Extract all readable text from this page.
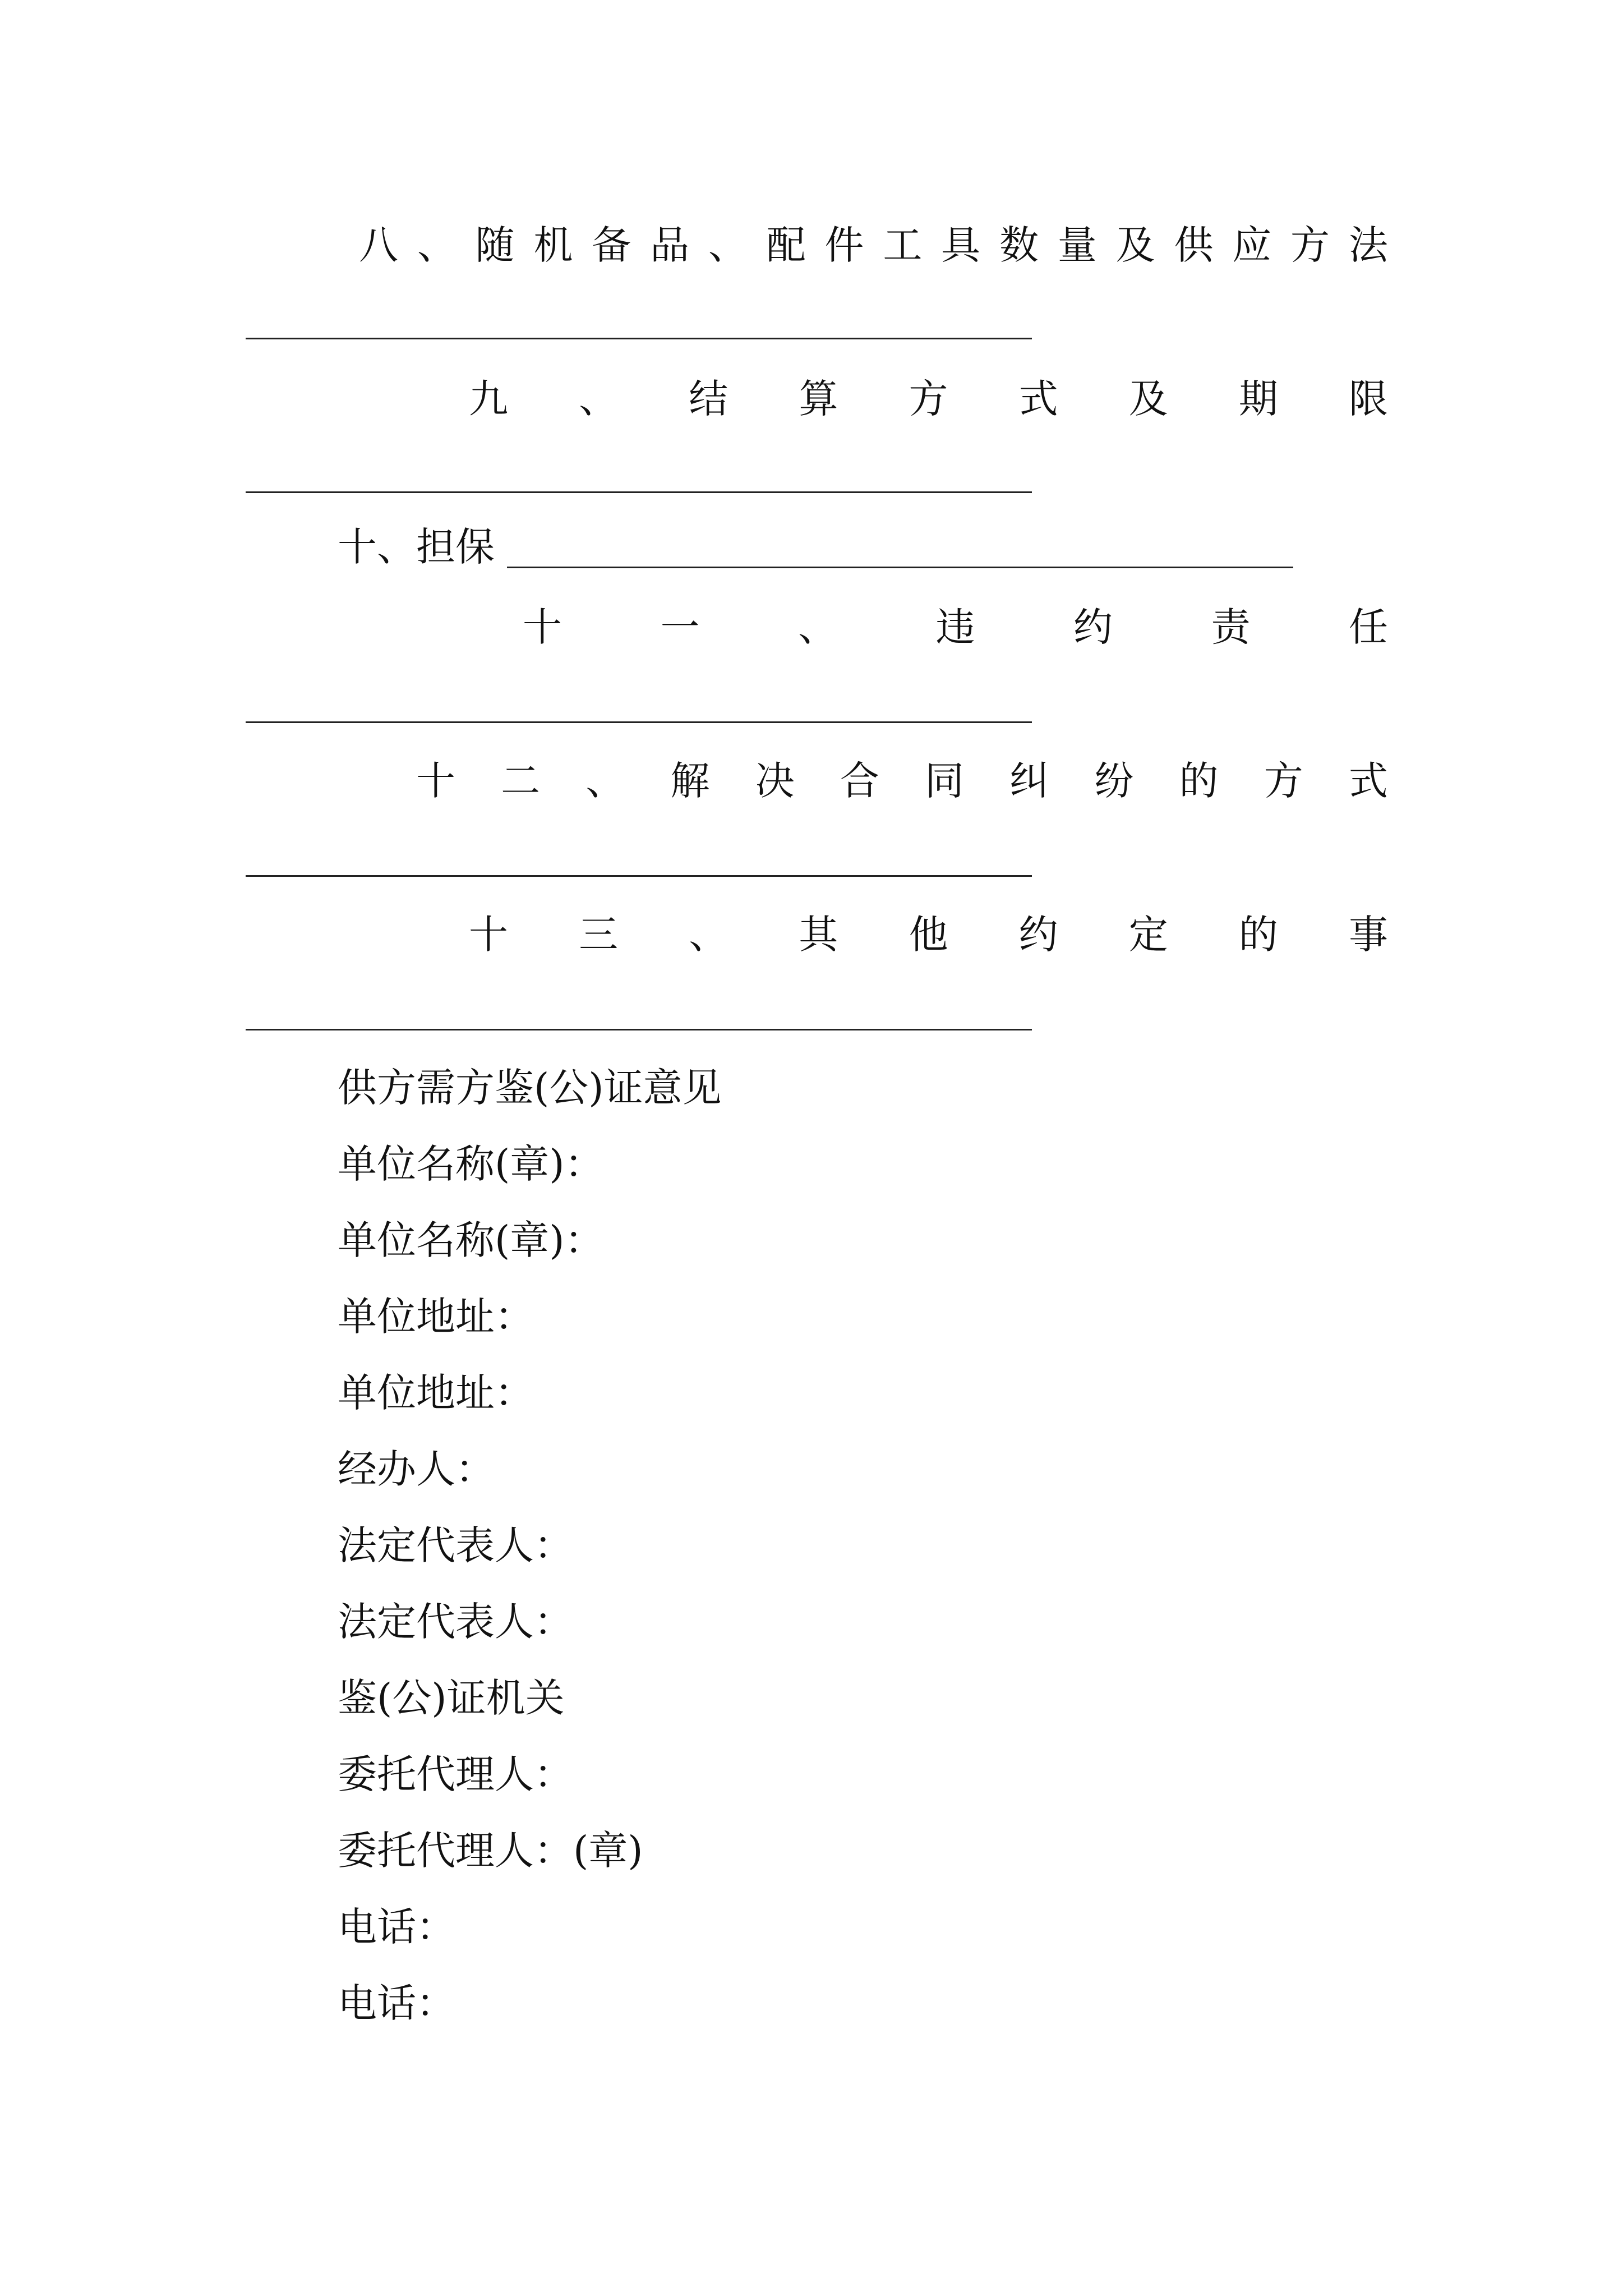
八 、 随 机 备 品 、 配 件 工 具 数 量 及 供 应 方 法
九 、 结 算 方 式 及 期 限
十、担保
十	一	、	违	约	责	任
十 二 、 解 决 合 同 纠 纷 的 方 式
十 三 、 其 他 约 定 的 事
供方需方鉴(公)证意见
单位名称(章)：
单位名称(章)：
单位地址：
单位地址：
经办人：
法定代表人：
法定代表人：
鉴(公)证机关
委托代理人：
委托代理人：(章)
电话：
电话：
